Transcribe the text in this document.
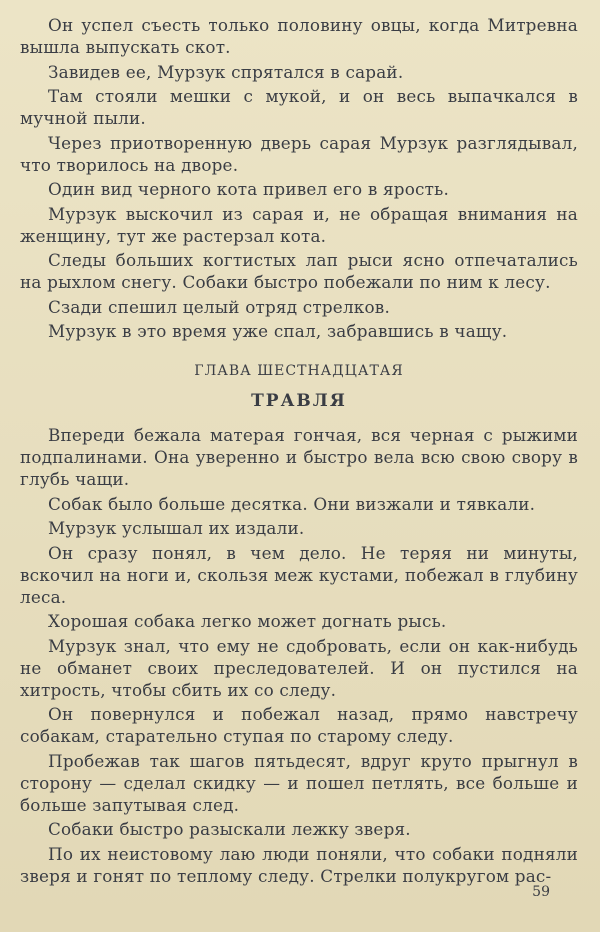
Он успел съесть только половину овцы, когда Митревна вышла выпускать скот.

Завидев ее, Мурзук спрятался в сарай.

Там стояли мешки с мукой, и он весь выпачкался в мучной пыли.

Через приотворенную дверь сарая Мурзук разглядывал, что творилось на дворе.

Один вид черного кота привел его в ярость.

Мурзук выскочил из сарая и, не обращая внимания на женщину, тут же растерзал кота.

Следы больших когтистых лап рыси ясно отпечатались на рыхлом снегу. Собаки быстро побежали по ним к лесу.

Сзади спешил целый отряд стрелков.

Мурзук в это время уже спал, забравшись в чащу.

ГЛАВА ШЕСТНАДЦАТАЯ
ТРАВЛЯ

Впереди бежала матерая гончая, вся черная с рыжими подпалинами. Она уверенно и быстро вела всю свою свору в глубь чащи.

Собак было больше десятка. Они визжали и тявкали.

Мурзук услышал их издали.

Он сразу понял, в чем дело. Не теряя ни минуты, вскочил на ноги и, скользя меж кустами, побежал в глубину леса.

Хорошая собака легко может догнать рысь.

Мурзук знал, что ему не сдобровать, если он как-нибудь не обманет своих преследователей. И он пустился на хитрость, чтобы сбить их со следу.

Он повернулся и побежал назад, прямо навстречу собакам, старательно ступая по старому следу.

Пробежав так шагов пятьдесят, вдруг круто прыгнул в сторону — сделал скидку — и пошел петлять, все больше и больше запутывая след.

Собаки быстро разыскали лежку зверя.

По их неистовому лаю люди поняли, что собаки подняли зверя и гонят по теплому следу. Стрелки полукругом рас-

59
